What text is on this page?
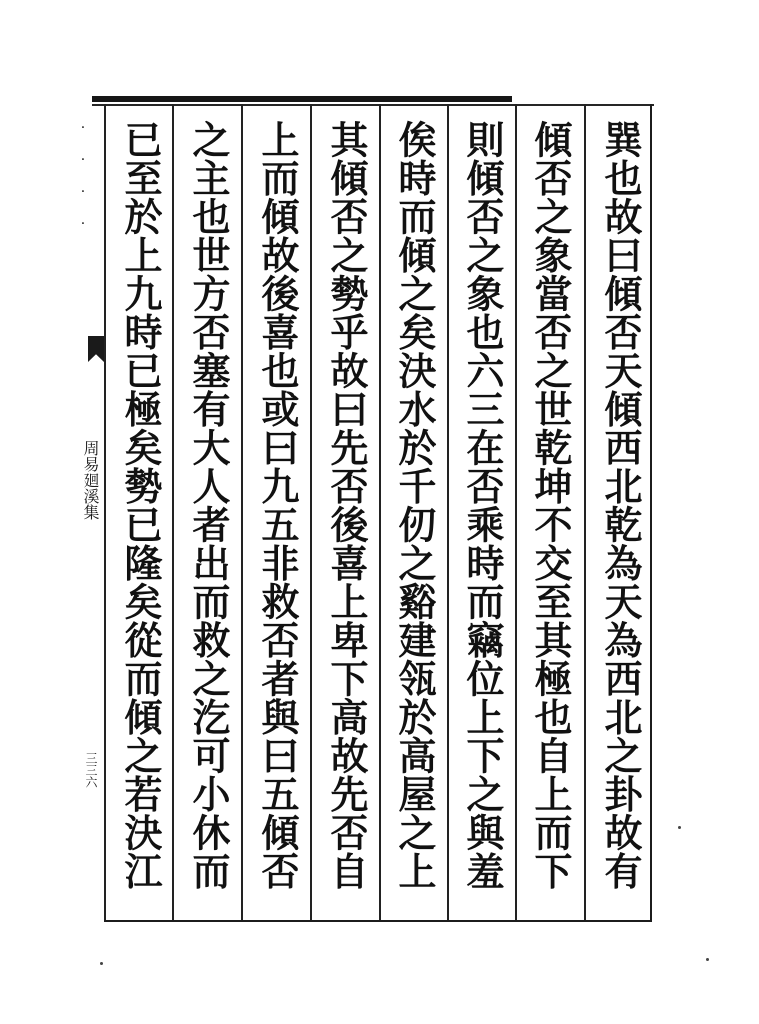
巽也故曰傾否天傾西北乾為天為西北之卦故有
傾否之象當否之世乾坤不交至其極也自上而下
則傾否之象也六三在否乘時而竊位上下之與羞
俟時而傾之矣決水於千仞之谿建瓴於高屋之上
其傾否之勢乎故曰先否後喜上卑下高故先否自
上而傾故後喜也或曰九五非救否者與曰五傾否
之主也世方否塞有大人者出而救之汔可小休而
已至於上九時已極矣勢已隆矣從而傾之若決江
· · · ·
周易廻溪集
三三六
